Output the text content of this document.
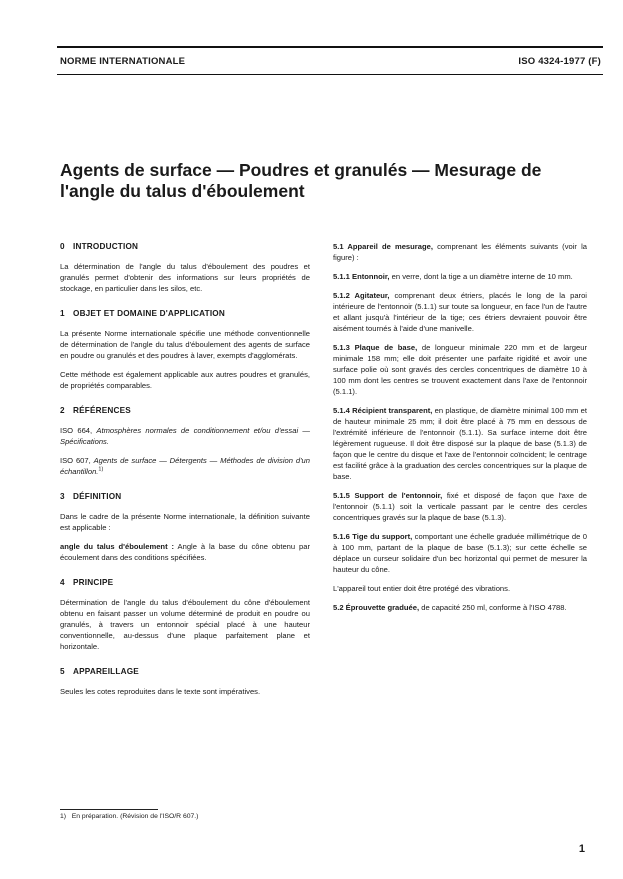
NORME INTERNATIONALE	ISO 4324-1977 (F)
Agents de surface — Poudres et granulés — Mesurage de l'angle du talus d'éboulement
0 INTRODUCTION

La détermination de l'angle du talus d'éboulement des poudres et granulés permet d'obtenir des informations sur leurs propriétés de stockage, en particulier dans les silos, etc.

1 OBJET ET DOMAINE D'APPLICATION

La présente Norme internationale spécifie une méthode conventionnelle de détermination de l'angle du talus d'éboulement des agents de surface en poudre ou granulés et des poudres à laver, exempts d'agglomérats.

Cette méthode est également applicable aux autres poudres et granulés, de propriétés comparables.

2 RÉFÉRENCES

ISO 664, Atmosphères normales de conditionnement et/ou d'essai — Spécifications.

ISO 607, Agents de surface — Détergents — Méthodes de division d'un échantillon.$^{1)}$

3 DÉFINITION

Dans le cadre de la présente Norme internationale, la définition suivante est applicable :

angle du talus d'éboulement : Angle à la base du cône obtenu par écoulement dans des conditions spécifiées.

4 PRINCIPE

Détermination de l'angle du talus d'éboulement du cône d'éboulement obtenu en faisant passer un volume déterminé de produit en poudre ou granulés, à travers un entonnoir spécial placé à une hauteur conventionnelle, au-dessus d'une plaque parfaitement plane et horizontale.

5 APPAREILLAGE

Seules les cotes reproduites dans le texte sont impératives.

5.1 Appareil de mesurage, comprenant les éléments suivants (voir la figure) :

5.1.1 Entonnoir, en verre, dont la tige a un diamètre interne de 10 mm.

5.1.2 Agitateur, comprenant deux étriers, placés le long de la paroi intérieure de l'entonnoir (5.1.1) sur toute sa longueur, en face l'un de l'autre et allant jusqu'à l'intérieur de la tige; ces étriers devraient pouvoir être aisément tournés à l'aide d'une manivelle.

5.1.3 Plaque de base, de longueur minimale 220 mm et de largeur minimale 158 mm; elle doit présenter une parfaite rigidité et avoir une surface polie où sont gravés des cercles concentriques de diamètre 10 à 100 mm dont les centres se trouvent exactement dans l'axe de l'entonnoir (5.1.1).

5.1.4 Récipient transparent, en plastique, de diamètre minimal 100 mm et de hauteur minimale 25 mm; il doit être placé à 75 mm en dessous de l'extrémité inférieure de l'entonnoir (5.1.1). Sa surface interne doit être légèrement rugueuse. Il doit être disposé sur la plaque de base (5.1.3) de façon que le centre du disque et l'axe de l'entonnoir coïncident; le centrage est facilité grâce à la graduation des cercles concentriques sur la plaque de base.

5.1.5 Support de l'entonnoir, fixé et disposé de façon que l'axe de l'entonnoir (5.1.1) soit la verticale passant par le centre des cercles concentriques gravés sur la plaque de base (5.1.3).

5.1.6 Tige du support, comportant une échelle graduée millimétrique de 0 à 100 mm, partant de la plaque de base (5.1.3); sur cette échelle se déplace un curseur solidaire d'un bec horizontal qui permet de mesurer la hauteur du cône.

L'appareil tout entier doit être protégé des vibrations.

5.2 Éprouvette graduée, de capacité 250 ml, conforme à l'ISO 4788.

1) En préparation. (Révision de l'ISO/R 607.)
1
